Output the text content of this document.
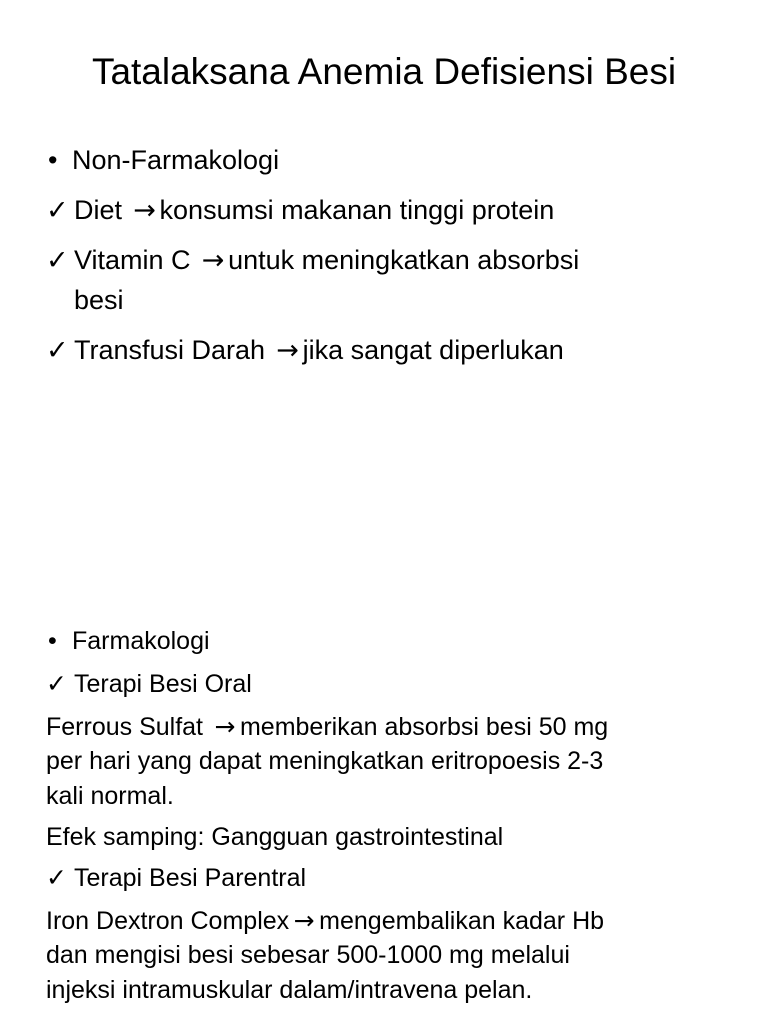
Tatalaksana Anemia Defisiensi Besi
• Non-Farmakologi
✓ Diet → konsumsi makanan tinggi protein
✓ Vitamin C → untuk meningkatkan absorbsi
besi
✓ Transfusi Darah → jika sangat diperlukan
• Farmakologi
✓ Terapi Besi Oral
Ferrous Sulfat → memberikan absorbsi besi 50 mg
per hari yang dapat meningkatkan eritropoesis 2-3
kali normal.
Efek samping: Gangguan gastrointestinal
✓ Terapi Besi Parentral
Iron Dextron Complex → mengembalikan kadar Hb
dan mengisi besi sebesar 500-1000 mg melalui
injeksi intramuskular dalam/intravena pelan.
